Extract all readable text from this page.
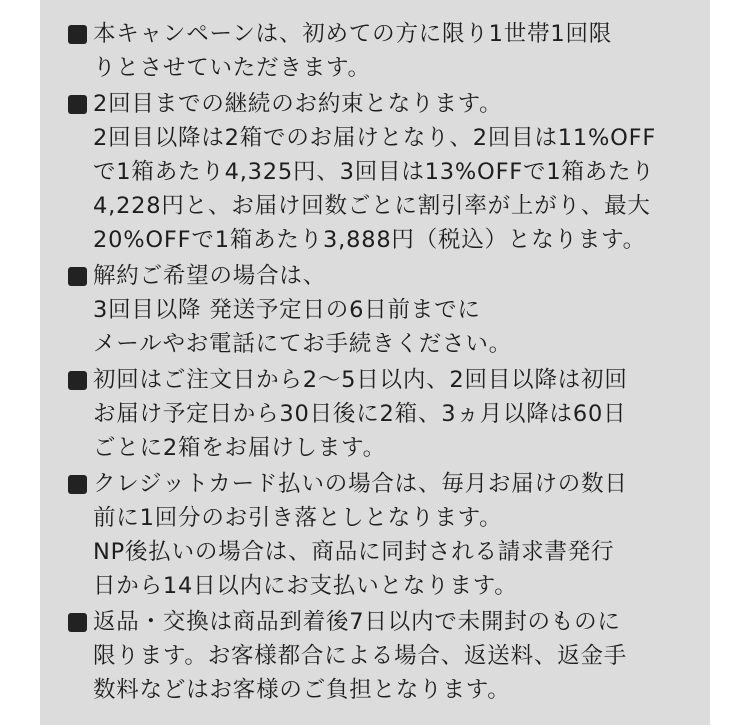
本キャンペーンは、初めての方に限り1世帯1回限
りとさせていただきます。
2回目までの継続のお約束となります。
2回目以降は2箱でのお届けとなり、2回目は11%OFF
で1箱あたり4,325円、3回目は13%OFFで1箱あたり
4,228円と、お届け回数ごとに割引率が上がり、最大
20%OFFで1箱あたり3,888円（税込）となります。
解約ご希望の場合は、
3回目以降 発送予定日の6日前までに
メールやお電話にてお手続きください。
初回はご注文日から2〜5日以内、2回目以降は初回
お届け予定日から30日後に2箱、3ヵ月以降は60日
ごとに2箱をお届けします。
クレジットカード払いの場合は、毎月お届けの数日
前に1回分のお引き落としとなります。
NP後払いの場合は、商品に同封される請求書発行
日から14日以内にお支払いとなります。
返品・交換は商品到着後7日以内で未開封のものに
限ります。お客様都合による場合、返送料、返金手
数料などはお客様のご負担となります。
